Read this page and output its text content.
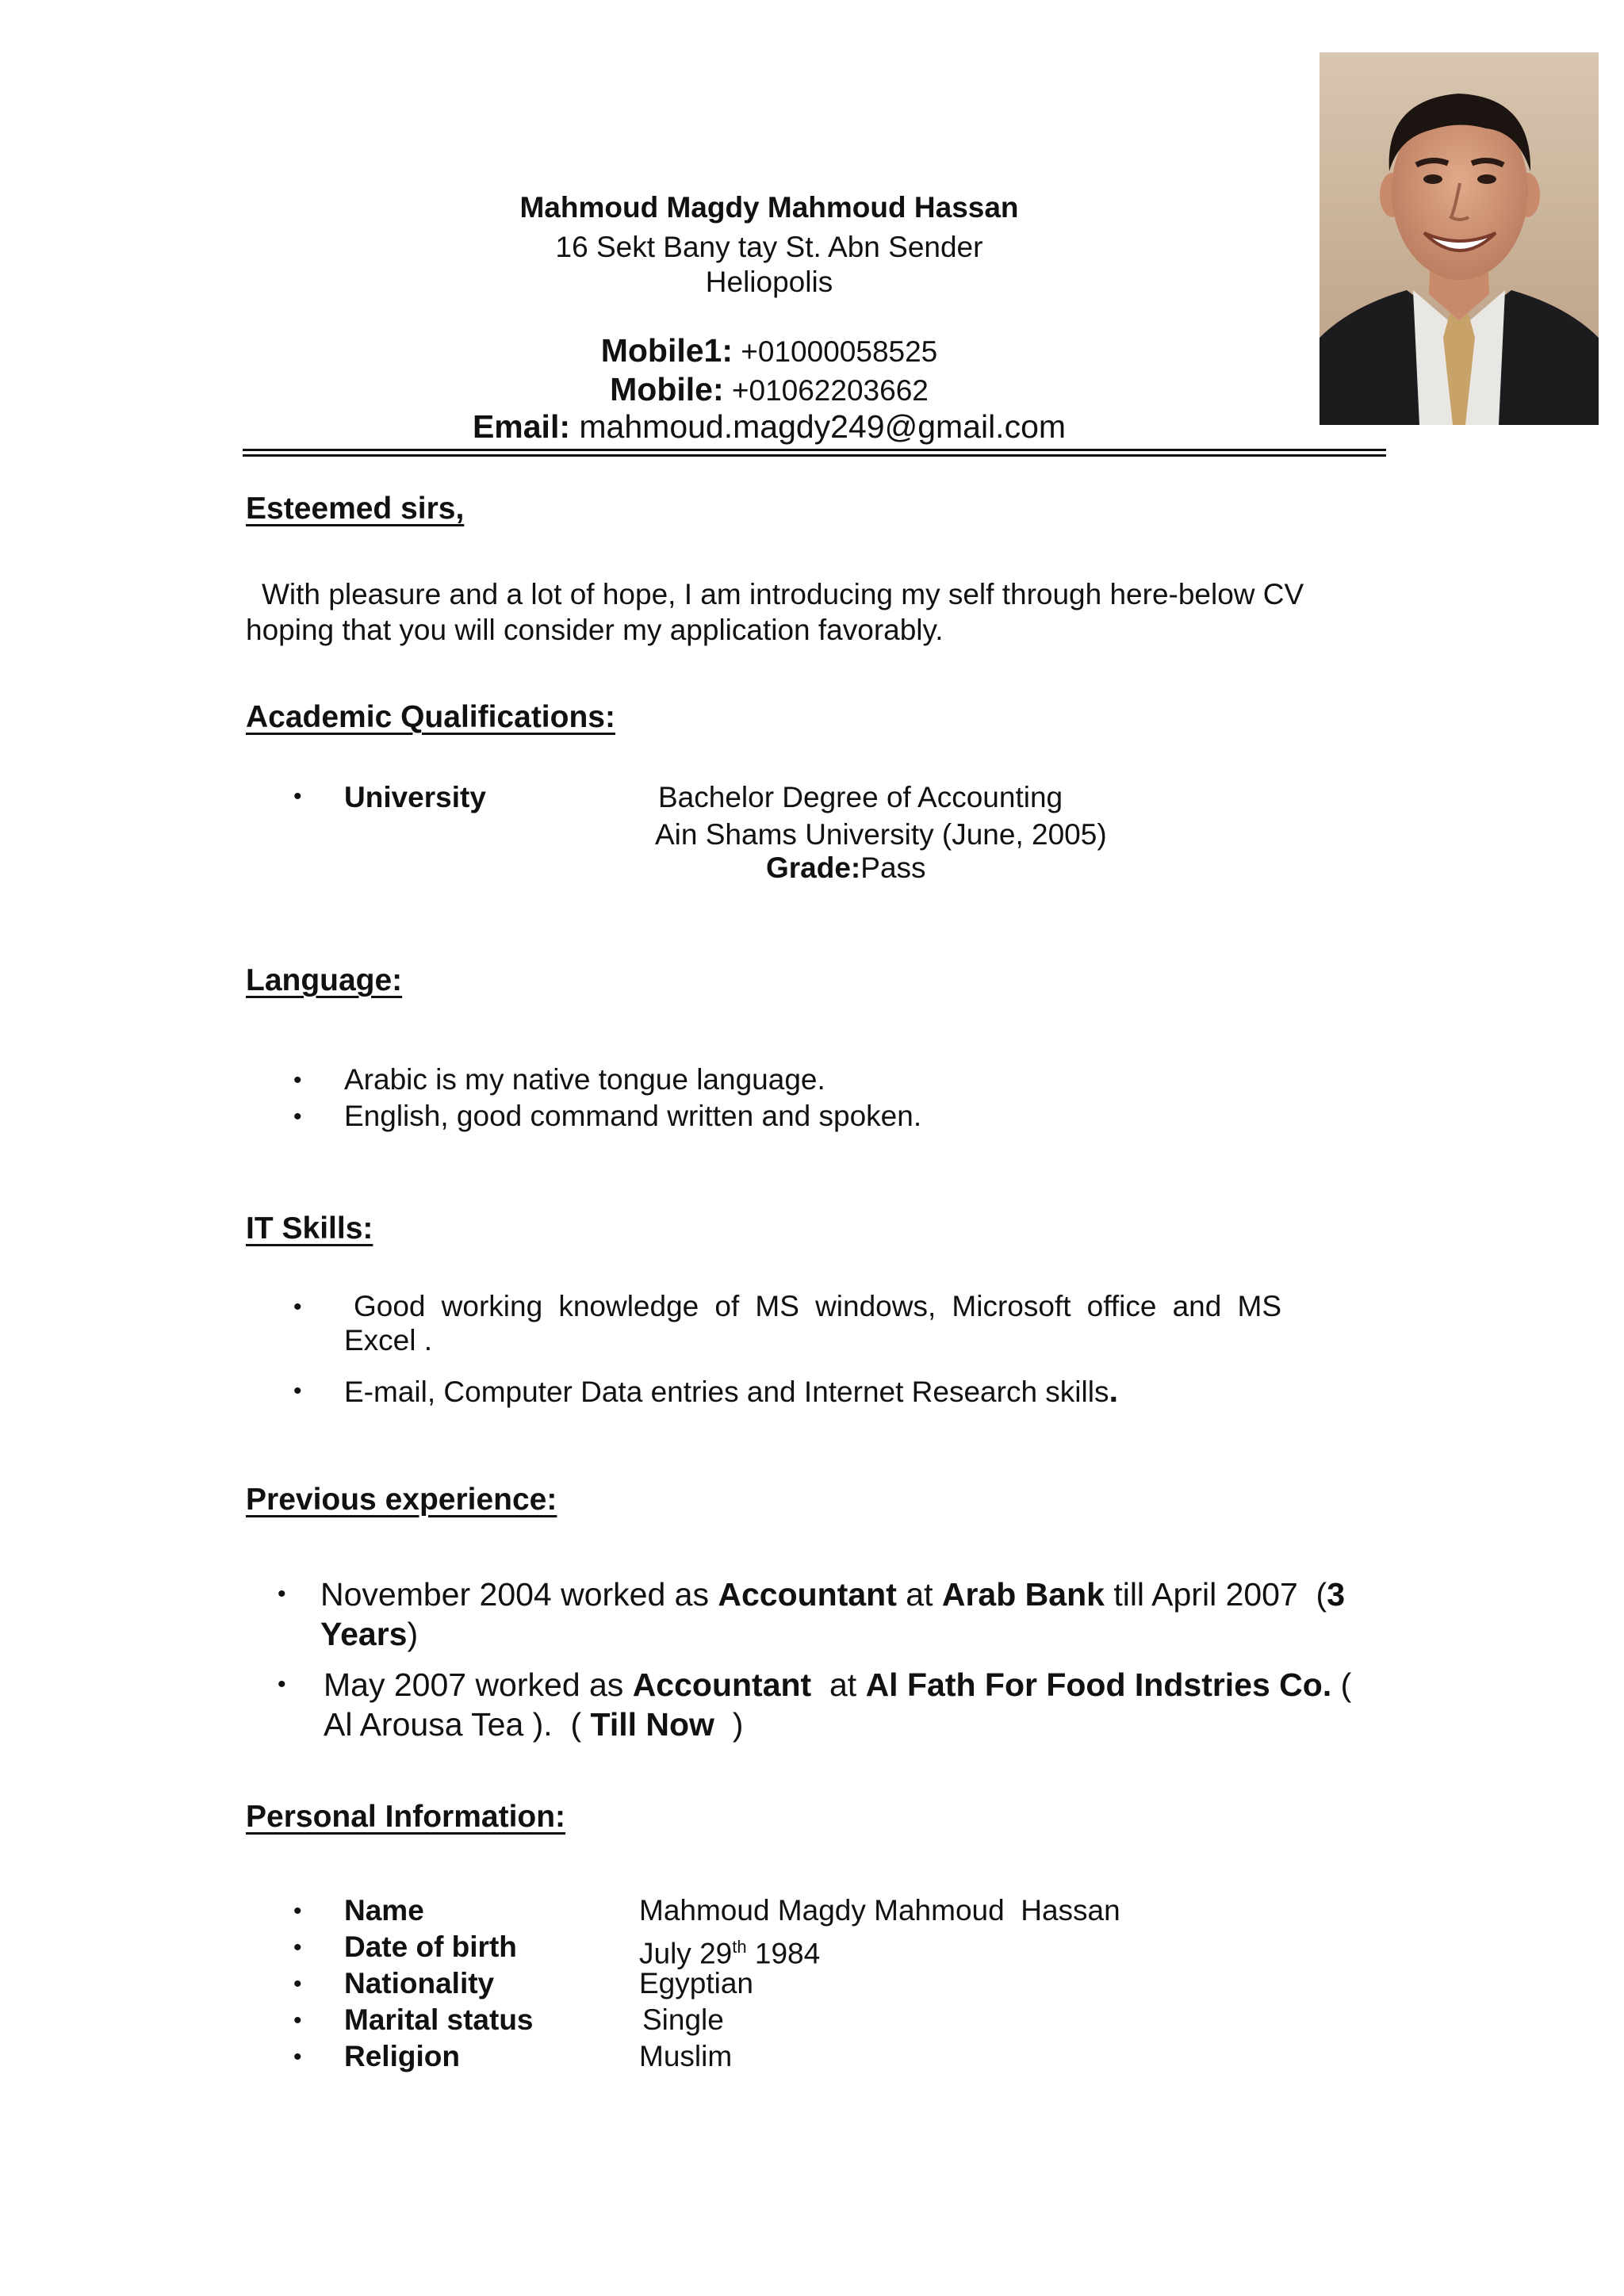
Mahmoud Magdy Mahmoud Hassan
16 Sekt Bany tay St. Abn Sender
Heliopolis
Mobile1: +01000058525
Mobile: +01062203662
Email: mahmoud.magdy249@gmail.com
Esteemed sirs,
With pleasure and a lot of hope, I am introducing my self through here-below CV
hoping that you will consider my application favorably.
Academic Qualifications:
• University	Bachelor Degree of Accounting
Ain Shams University (June, 2005)
Grade:Pass
Language:
• Arabic is my native tongue language.
• English, good command written and spoken.
IT Skills:
• Good working knowledge of MS windows, Microsoft office and MS
Excel .
• E-mail, Computer Data entries and Internet Research skills.
Previous experience:
• November 2004 worked as Accountant at Arab Bank till April 2007  (3
Years)
• May 2007 worked as Accountant  at Al Fath For Food Indstries Co. (
Al Arousa Tea ).  ( Till Now  )
Personal Information:
• Name	Mahmoud Magdy Mahmoud  Hassan
• Date of birth	July 29th 1984
• Nationality	Egyptian
• Marital status	Single
• Religion	Muslim
